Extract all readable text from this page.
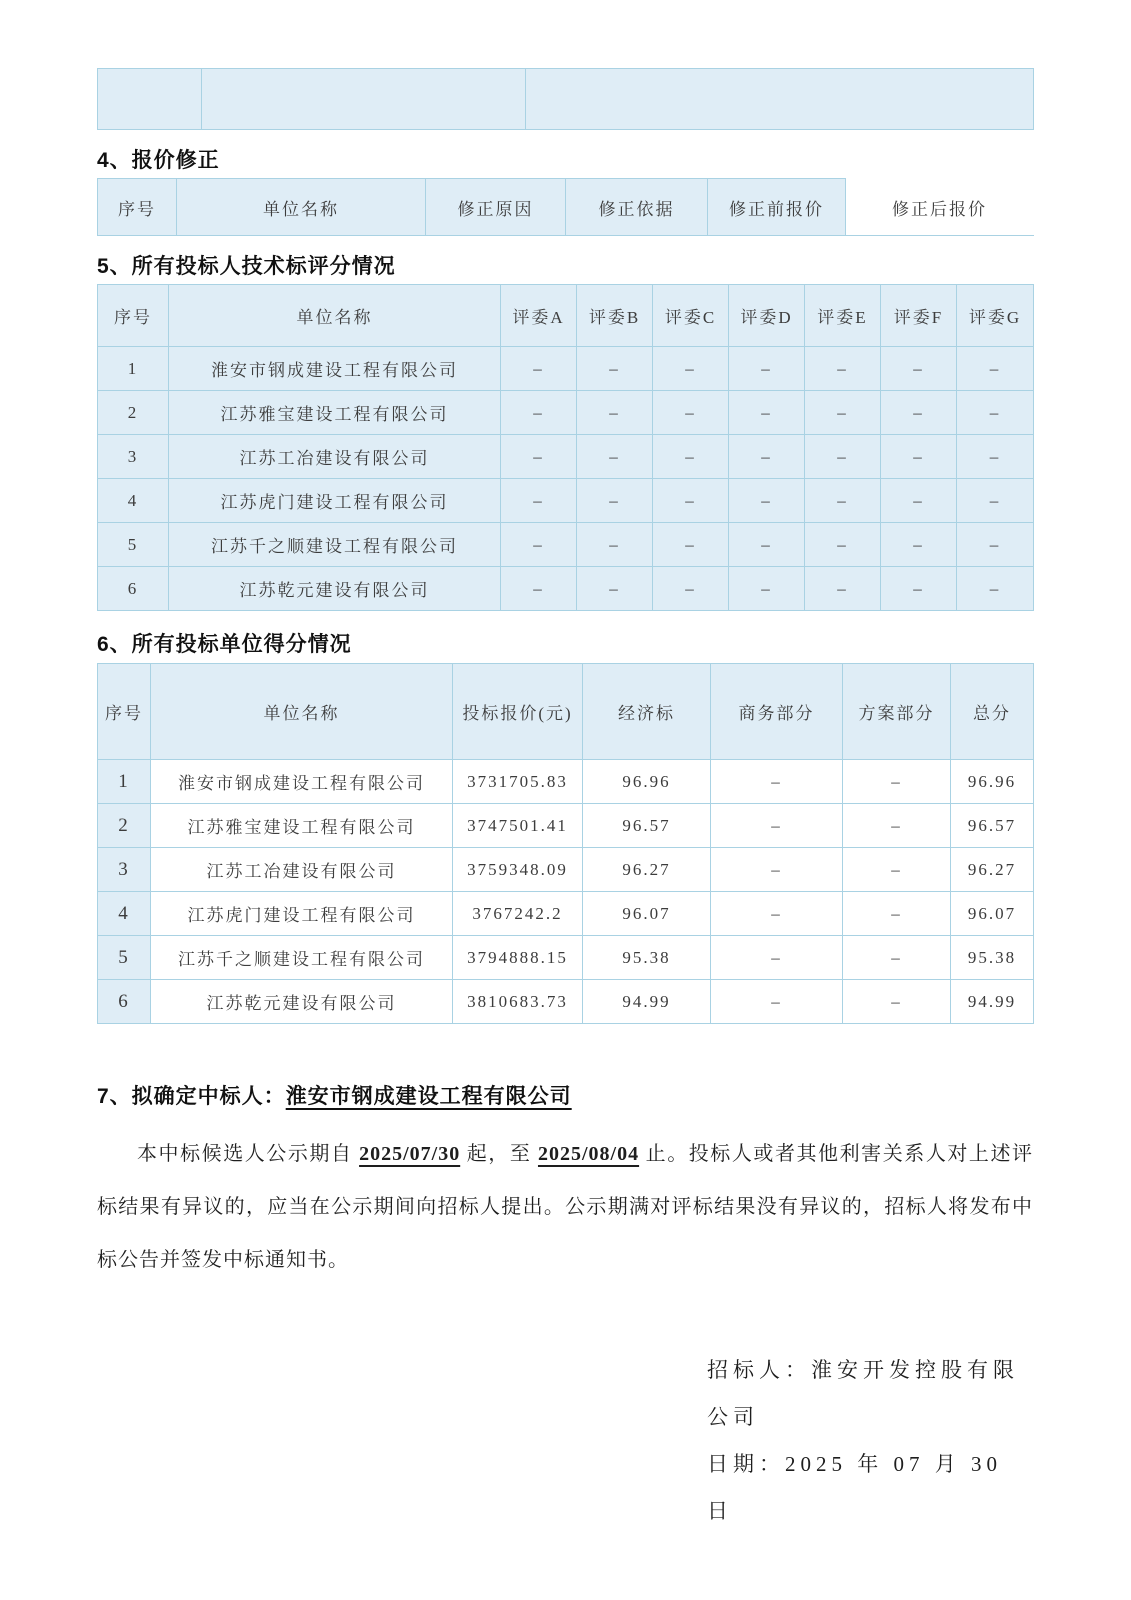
4、报价修正
序号	单位名称	修正原因	修正依据	修正前报价	修正后报价
5、所有投标人技术标评分情况
序号	单位名称	评委A	评委B	评委C	评委D	评委E	评委F	评委G
1	淮安市钢成建设工程有限公司	–	–	–	–	–	–	–
2	江苏雅宝建设工程有限公司	–	–	–	–	–	–	–
3	江苏工冶建设有限公司	–	–	–	–	–	–	–
4	江苏虎门建设工程有限公司	–	–	–	–	–	–	–
5	江苏千之顺建设工程有限公司	–	–	–	–	–	–	–
6	江苏乾元建设有限公司	–	–	–	–	–	–	–
6、所有投标单位得分情况
序号	单位名称	投标报价(元)	经济标	商务部分	方案部分	总分
1	淮安市钢成建设工程有限公司	3731705.83	96.96	–	–	96.96
2	江苏雅宝建设工程有限公司	3747501.41	96.57	–	–	96.57
3	江苏工冶建设有限公司	3759348.09	96.27	–	–	96.27
4	江苏虎门建设工程有限公司	3767242.2	96.07	–	–	96.07
5	江苏千之顺建设工程有限公司	3794888.15	95.38	–	–	95.38
6	江苏乾元建设有限公司	3810683.73	94.99	–	–	94.99
7、拟确定中标人：淮安市钢成建设工程有限公司

本中标候选人公示期自 2025/07/30 起，至 2025/08/04 止。投标人或者其他利害关系人对上述评标结果有异议的，应当在公示期间向招标人提出。公示期满对评标结果没有异议的，招标人将发布中标公告并签发中标通知书。

招标人：淮安开发控股有限公司
日期：2025 年 07 月 30 日
